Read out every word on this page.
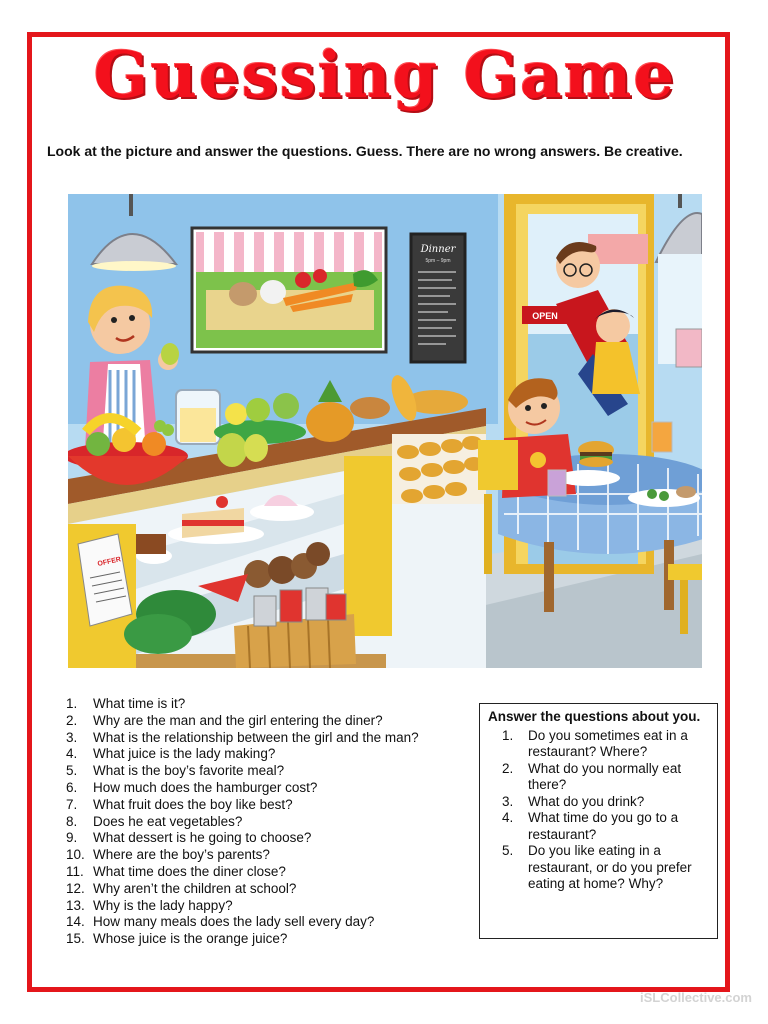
Guessing Game
Look at the picture and answer the questions. Guess. There are no wrong answers. Be creative.
Dinner
5pm – 9pm
OPEN
OFFER
1.	What time is it?
2.	Why are the man and the girl entering the diner?
3.	What is the relationship between the girl and the man?
4.	What juice is the lady making?
5.	What is the boy’s favorite meal?
6.	How much does the hamburger cost?
7.	What fruit does the boy like best?
8.	Does he eat vegetables?
9.	What dessert is he going to choose?
10. Where are the boy’s parents?
11. What time does the diner close?
12. Why aren’t the children at school?
13. Why is the lady happy?
14. How many meals does the lady sell every day?
15. Whose juice is the orange juice?
Answer the questions about you.
1.	Do you sometimes eat in a restaurant? Where?
2.	What do you normally eat there?
3.	What do you drink?
4.	What time do you go to a restaurant?
5.	Do you like eating in a restaurant, or do you prefer eating at home? Why?
iSLCollective.com
